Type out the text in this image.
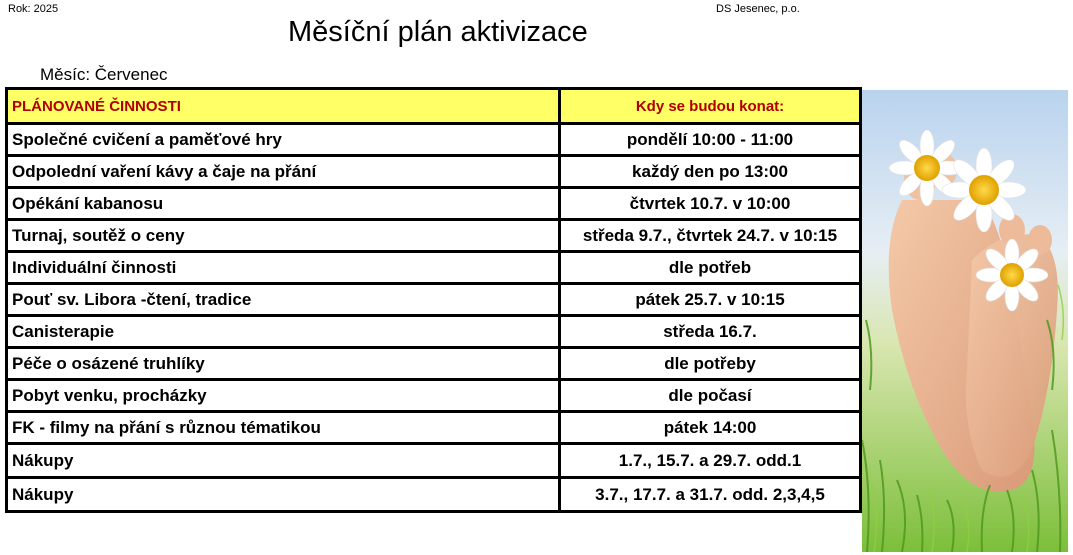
Rok: 2025	DS Jesenec, p.o.
Měsíční plán aktivizace
Měsíc: Červenec
PLÁNOVANÉ ČINNOSTI	Kdy se budou konat:
Společné cvičení a paměťové hry	pondělí 10:00 - 11:00
Odpolední vaření kávy a čaje na přání	každý den po 13:00
Opékání kabanosu	čtvrtek 10.7. v 10:00
Turnaj, soutěž o ceny	středa 9.7., čtvrtek 24.7. v 10:15
Individuální činnosti	dle potřeb
Pouť sv. Libora -čtení, tradice	pátek 25.7. v 10:15
Canisterapie	středa 16.7.
Péče o osázené truhlíky	dle potřeby
Pobyt venku, procházky	dle počasí
FK - filmy na přání s různou tématikou	pátek 14:00
Nákupy	1.7., 15.7. a 29.7. odd.1
Nákupy	3.7., 17.7. a 31.7. odd. 2,3,4,5
